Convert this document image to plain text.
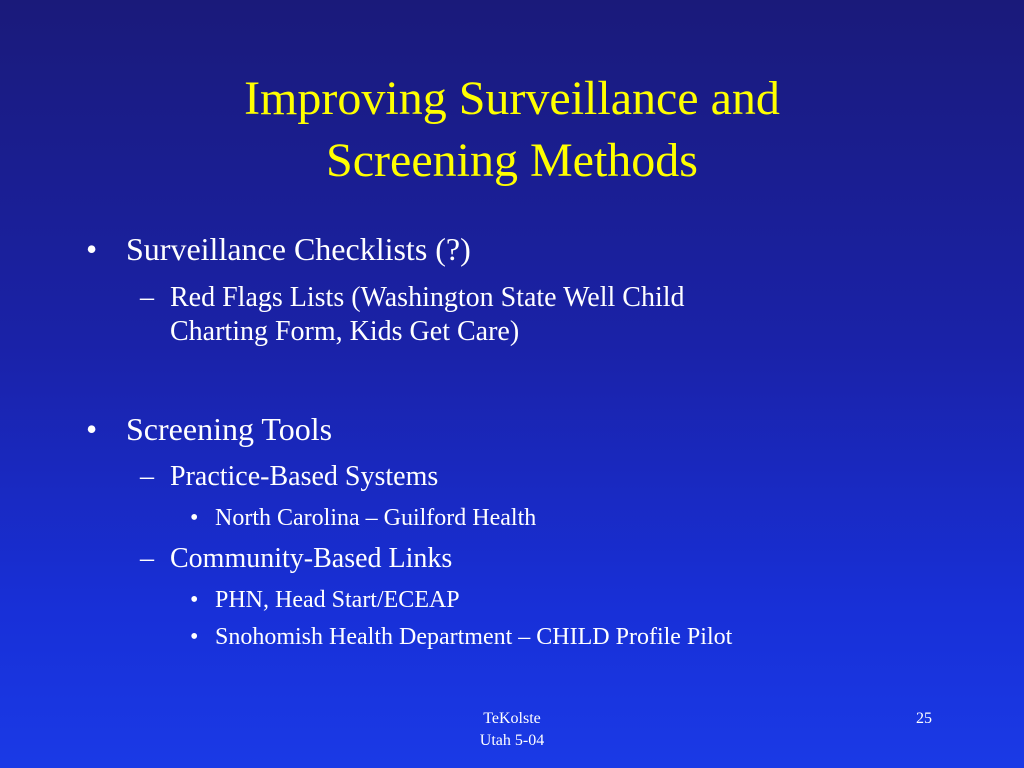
Improving Surveillance and
Screening Methods
• Surveillance Checklists (?)
– Red Flags Lists (Washington State Well Child
Charting Form, Kids Get Care)
• Screening Tools
– Practice-Based Systems
• North Carolina – Guilford Health
– Community-Based Links
• PHN, Head Start/ECEAP
• Snohomish Health Department – CHILD Profile Pilot
TeKolste
Utah 5-04
25
